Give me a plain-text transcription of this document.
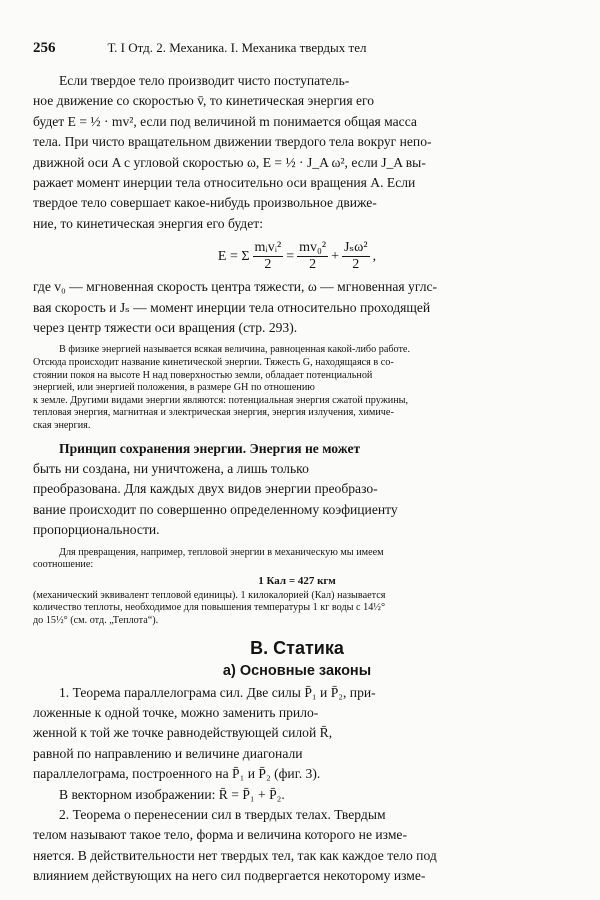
256	Т. I Отд. 2. Механика. I. Механика твердых тел

Если твердое тело производит чисто поступатель-

ное движение со скоростью v̄, то кинетическая энергия его

будет E = ½ · mv², если под величиной m понимается общая масса

тела. При чисто вращательном движении твердого тела вокруг непо-

движной оси A с угловой скоростью ω, E = ½ · J_A ω², если J_A вы-

ражает момент инерции тела относительно оси вращения A. Если

твердое тело совершает какое-нибудь произвольное движе-

ние, то кинетическая энергия его будет:

E = Σ $\frac{\text{mᵢvᵢ²}}{2} = \frac{\text{mv₀²}}{2} + \frac{\text{Jₛω²}}{2}$ ,

где v₀ — мгновенная скорость центра тяжести, ω — мгновенная углс-

вая скорость и Jₛ — момент инерции тела относительно проходящей

через центр тяжести оси вращения (стр. 293).

В физике энергией называется всякая величина, равноценная какой-либо работе.

Отсюда происходит название кинетической энергии. Тяжесть G, находящаяся в со-

стоянии покоя на высоте H над поверхностью земли, обладает потенциальной

энергией, или энергией положения, в размере GH по отношению

к земле. Другими видами энергии являются: потенциальная энергия сжатой пружины,

тепловая энергия, магнитная и электрическая энергия, энергия излучения, химиче-

ская энергия.

Принцип сохранения энергии. Энергия не может

быть ни создана, ни уничтожена, а лишь только

преобразована. Для каждых двух видов энергии преобразо-

вание происходит по совершенно определенному коэфициенту

пропорциональности.

Для превращения, например, тепловой энергии в механическую мы имеем

соотношение:

1 Кал = 427 кгм

(механический эквивалент тепловой единицы). 1 килокалорией (Кал) называется

количество теплоты, необходимое для повышения температуры 1 кг воды с 14½°

до 15½° (см. отд. „Теплота“).

В. Статика
а) Основные законы

1. Теорема параллелограма сил. Две силы P̄₁ и P̄₂, при-

ложенные к одной точке, можно заменить прило-

женной к той же точке равнодействующей силой R̄,

равной по направлению и величине диагонали

параллелограма, построенного на P̄₁ и P̄₂ (фиг. 3).

В векторном изображении: R̄ = P̄₁ + P̄₂.

2. Теорема о перенесении сил в твердых телах. Твердым

телом называют такое тело, форма и величина которого не изме-

няется. В действительности нет твердых тел, так как каждое тело под

влиянием действующих на него сил подвергается некоторому изме-
